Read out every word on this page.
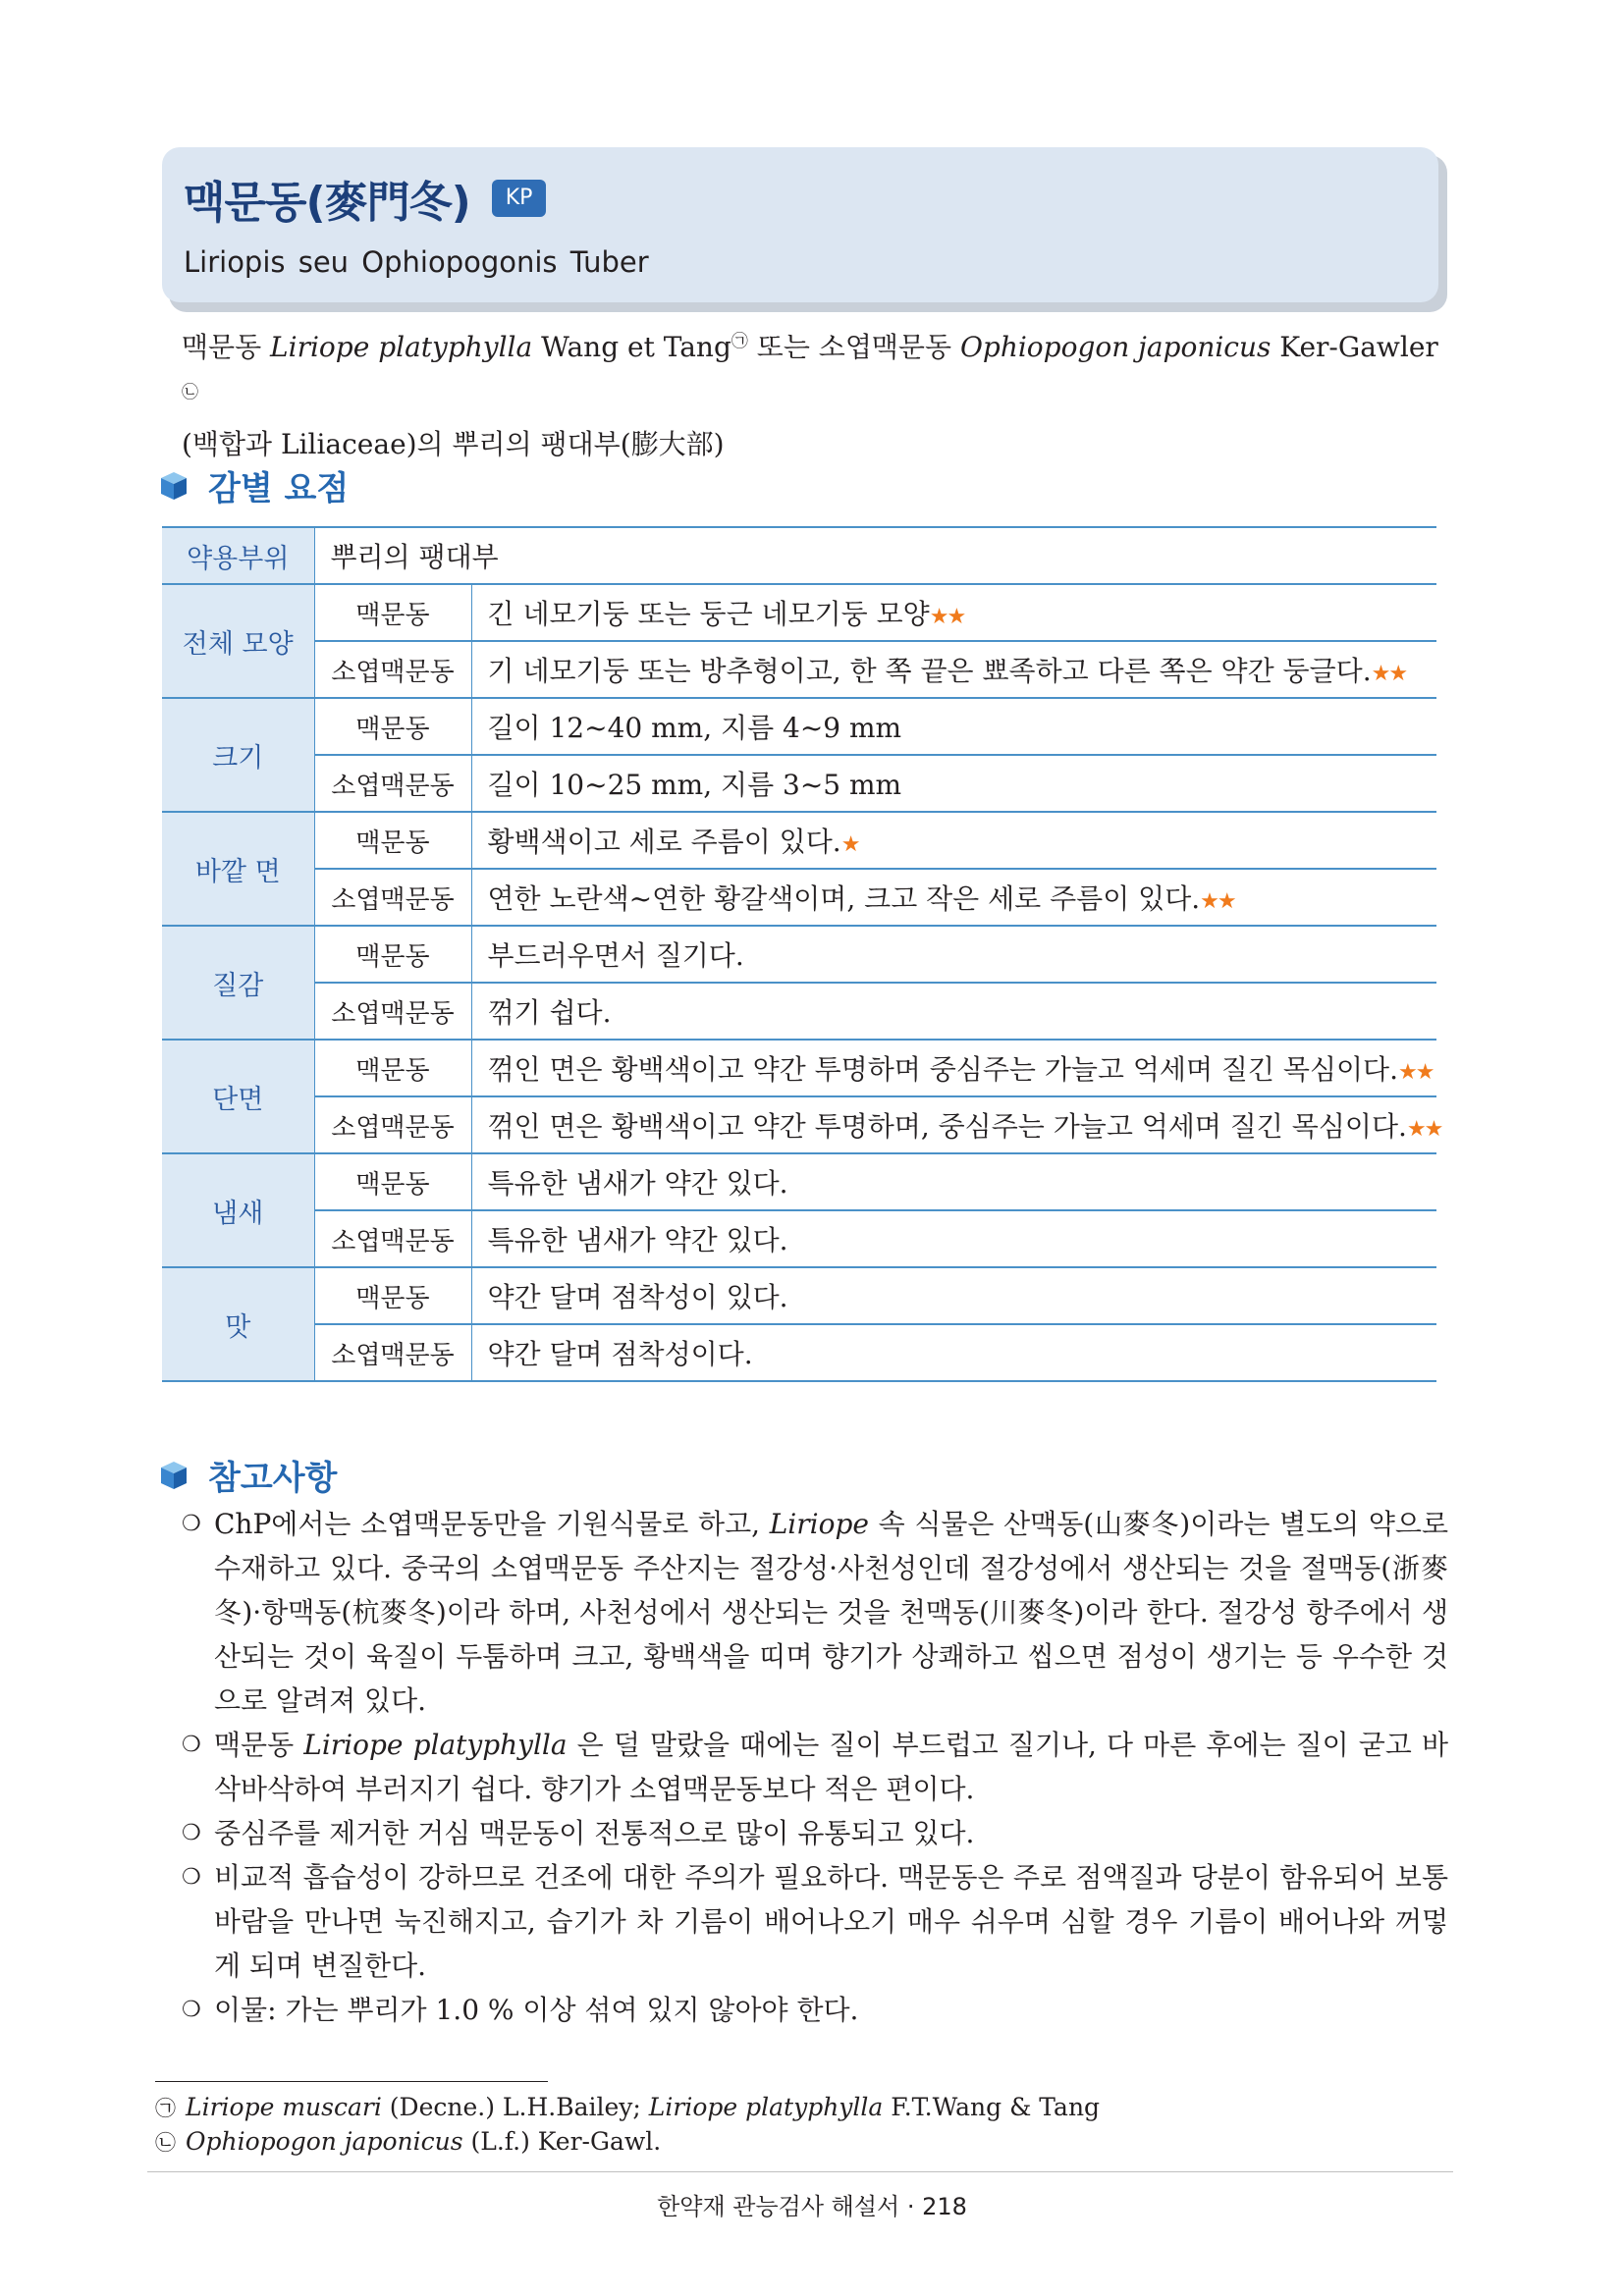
맥문동(麥門冬)	KP
Liriopis seu Ophiopogonis Tuber
맥문동 Liriope platyphylla Wang et Tang㉠ 또는 소엽맥문동 Ophiopogon japonicus Ker-Gawler㉡
(백합과 Liliaceae)의 뿌리의 팽대부(膨大部)
감별 요점
약용부위	뿌리의 팽대부	
전체 모양	맥문동	긴 네모기둥 또는 둥근 네모기둥 모양★★
	소엽맥문동	기 네모기둥 또는 방추형이고, 한 쪽 끝은 뾰족하고 다른 쪽은 약간 둥글다.★★
크기	맥문동	길이 12~40 mm, 지름 4~9 mm
	소엽맥문동	길이 10~25 mm, 지름 3~5 mm
바깥 면	맥문동	황백색이고 세로 주름이 있다.★
	소엽맥문동	연한 노란색~연한 황갈색이며, 크고 작은 세로 주름이 있다.★★
질감	맥문동	부드러우면서 질기다.
	소엽맥문동	꺾기 쉽다.
단면	맥문동	꺾인 면은 황백색이고 약간 투명하며 중심주는 가늘고 억세며 질긴 목심이다.★★
	소엽맥문동	꺾인 면은 황백색이고 약간 투명하며, 중심주는 가늘고 억세며 질긴 목심이다.★★
냄새	맥문동	특유한 냄새가 약간 있다.
	소엽맥문동	특유한 냄새가 약간 있다.
맛	맥문동	약간 달며 점착성이 있다.
	소엽맥문동	약간 달며 점착성이다.
참고사항
❍ ChP에서는 소엽맥문동만을 기원식물로 하고, Liriope 속 식물은 산맥동(山麥冬)이라는 별도의 약으로 수재하고 있다. 중국의 소엽맥문동 주산지는 절강성·사천성인데 절강성에서 생산되는 것을 절맥동(浙麥冬)·항맥동(杭麥冬)이라 하며, 사천성에서 생산되는 것을 천맥동(川麥冬)이라 한다. 절강성 항주에서 생산되는 것이 육질이 두툼하며 크고, 황백색을 띠며 향기가 상쾌하고 씹으면 점성이 생기는 등 우수한 것으로 알려져 있다.
❍ 맥문동 Liriope platyphylla 은 덜 말랐을 때에는 질이 부드럽고 질기나, 다 마른 후에는 질이 굳고 바삭바삭하여 부러지기 쉽다. 향기가 소엽맥문동보다 적은 편이다.
❍ 중심주를 제거한 거심 맥문동이 전통적으로 많이 유통되고 있다.
❍ 비교적 흡습성이 강하므로 건조에 대한 주의가 필요하다. 맥문동은 주로 점액질과 당분이 함유되어 보통 바람을 만나면 눅진해지고, 습기가 차 기름이 배어나오기 매우 쉬우며 심할 경우 기름이 배어나와 꺼멓게 되며 변질한다.
❍ 이물: 가는 뿌리가 1.0 % 이상 섞여 있지 않아야 한다.
㉠ Liriope muscari (Decne.) L.H.Bailey; Liriope platyphylla F.T.Wang & Tang
㉡ Ophiopogon japonicus (L.f.) Ker-Gawl.
한약재 관능검사 해설서 · 218
